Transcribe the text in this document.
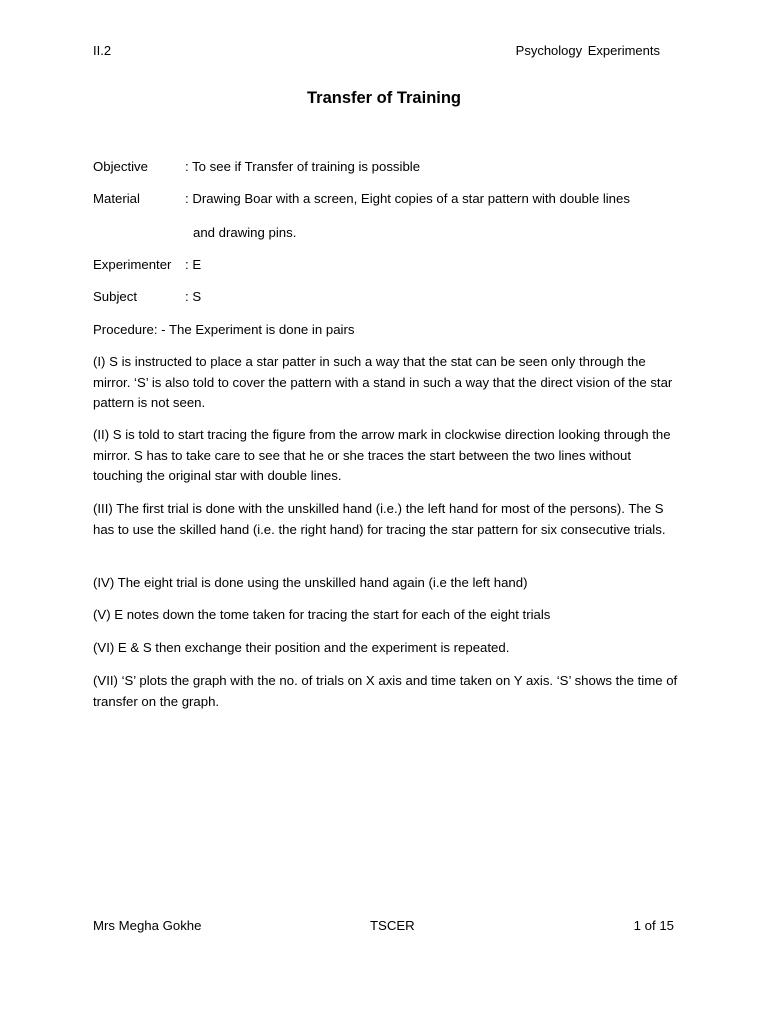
II.2	Psychology Experiments
Transfer of Training
Objective	: To see if Transfer of training is possible
Material	: Drawing Boar with a screen, Eight copies of a star pattern with double lines
and drawing pins.
Experimenter : E
Subject	: S
Procedure: - The Experiment is done in pairs
(I) S is instructed to place a star patter in such a way that the stat can be seen only through the mirror. ‘S’ is also told to cover the pattern with a stand in such a way that the direct vision of the star pattern is not seen.
(II) S is told to start tracing the figure from the arrow mark in clockwise direction looking through the mirror. S has to take care to see that he or she traces the start between the two lines without touching the original star with double lines.
(III) The first trial is done with the unskilled hand (i.e.) the left hand for most of the persons). The S has to use the skilled hand (i.e. the right hand) for tracing the star pattern for six consecutive trials.
(IV) The eight trial is done using the unskilled hand again (i.e the left hand)
(V) E notes down the tome taken for tracing the start for each of the eight trials
(VI) E & S then exchange their position and the experiment is repeated.
(VII) ‘S’ plots the graph with the no. of trials on X axis and time taken on Y axis. ‘S’ shows the time of transfer on the graph.
Mrs Megha Gokhe	TSCER	1 of 15
